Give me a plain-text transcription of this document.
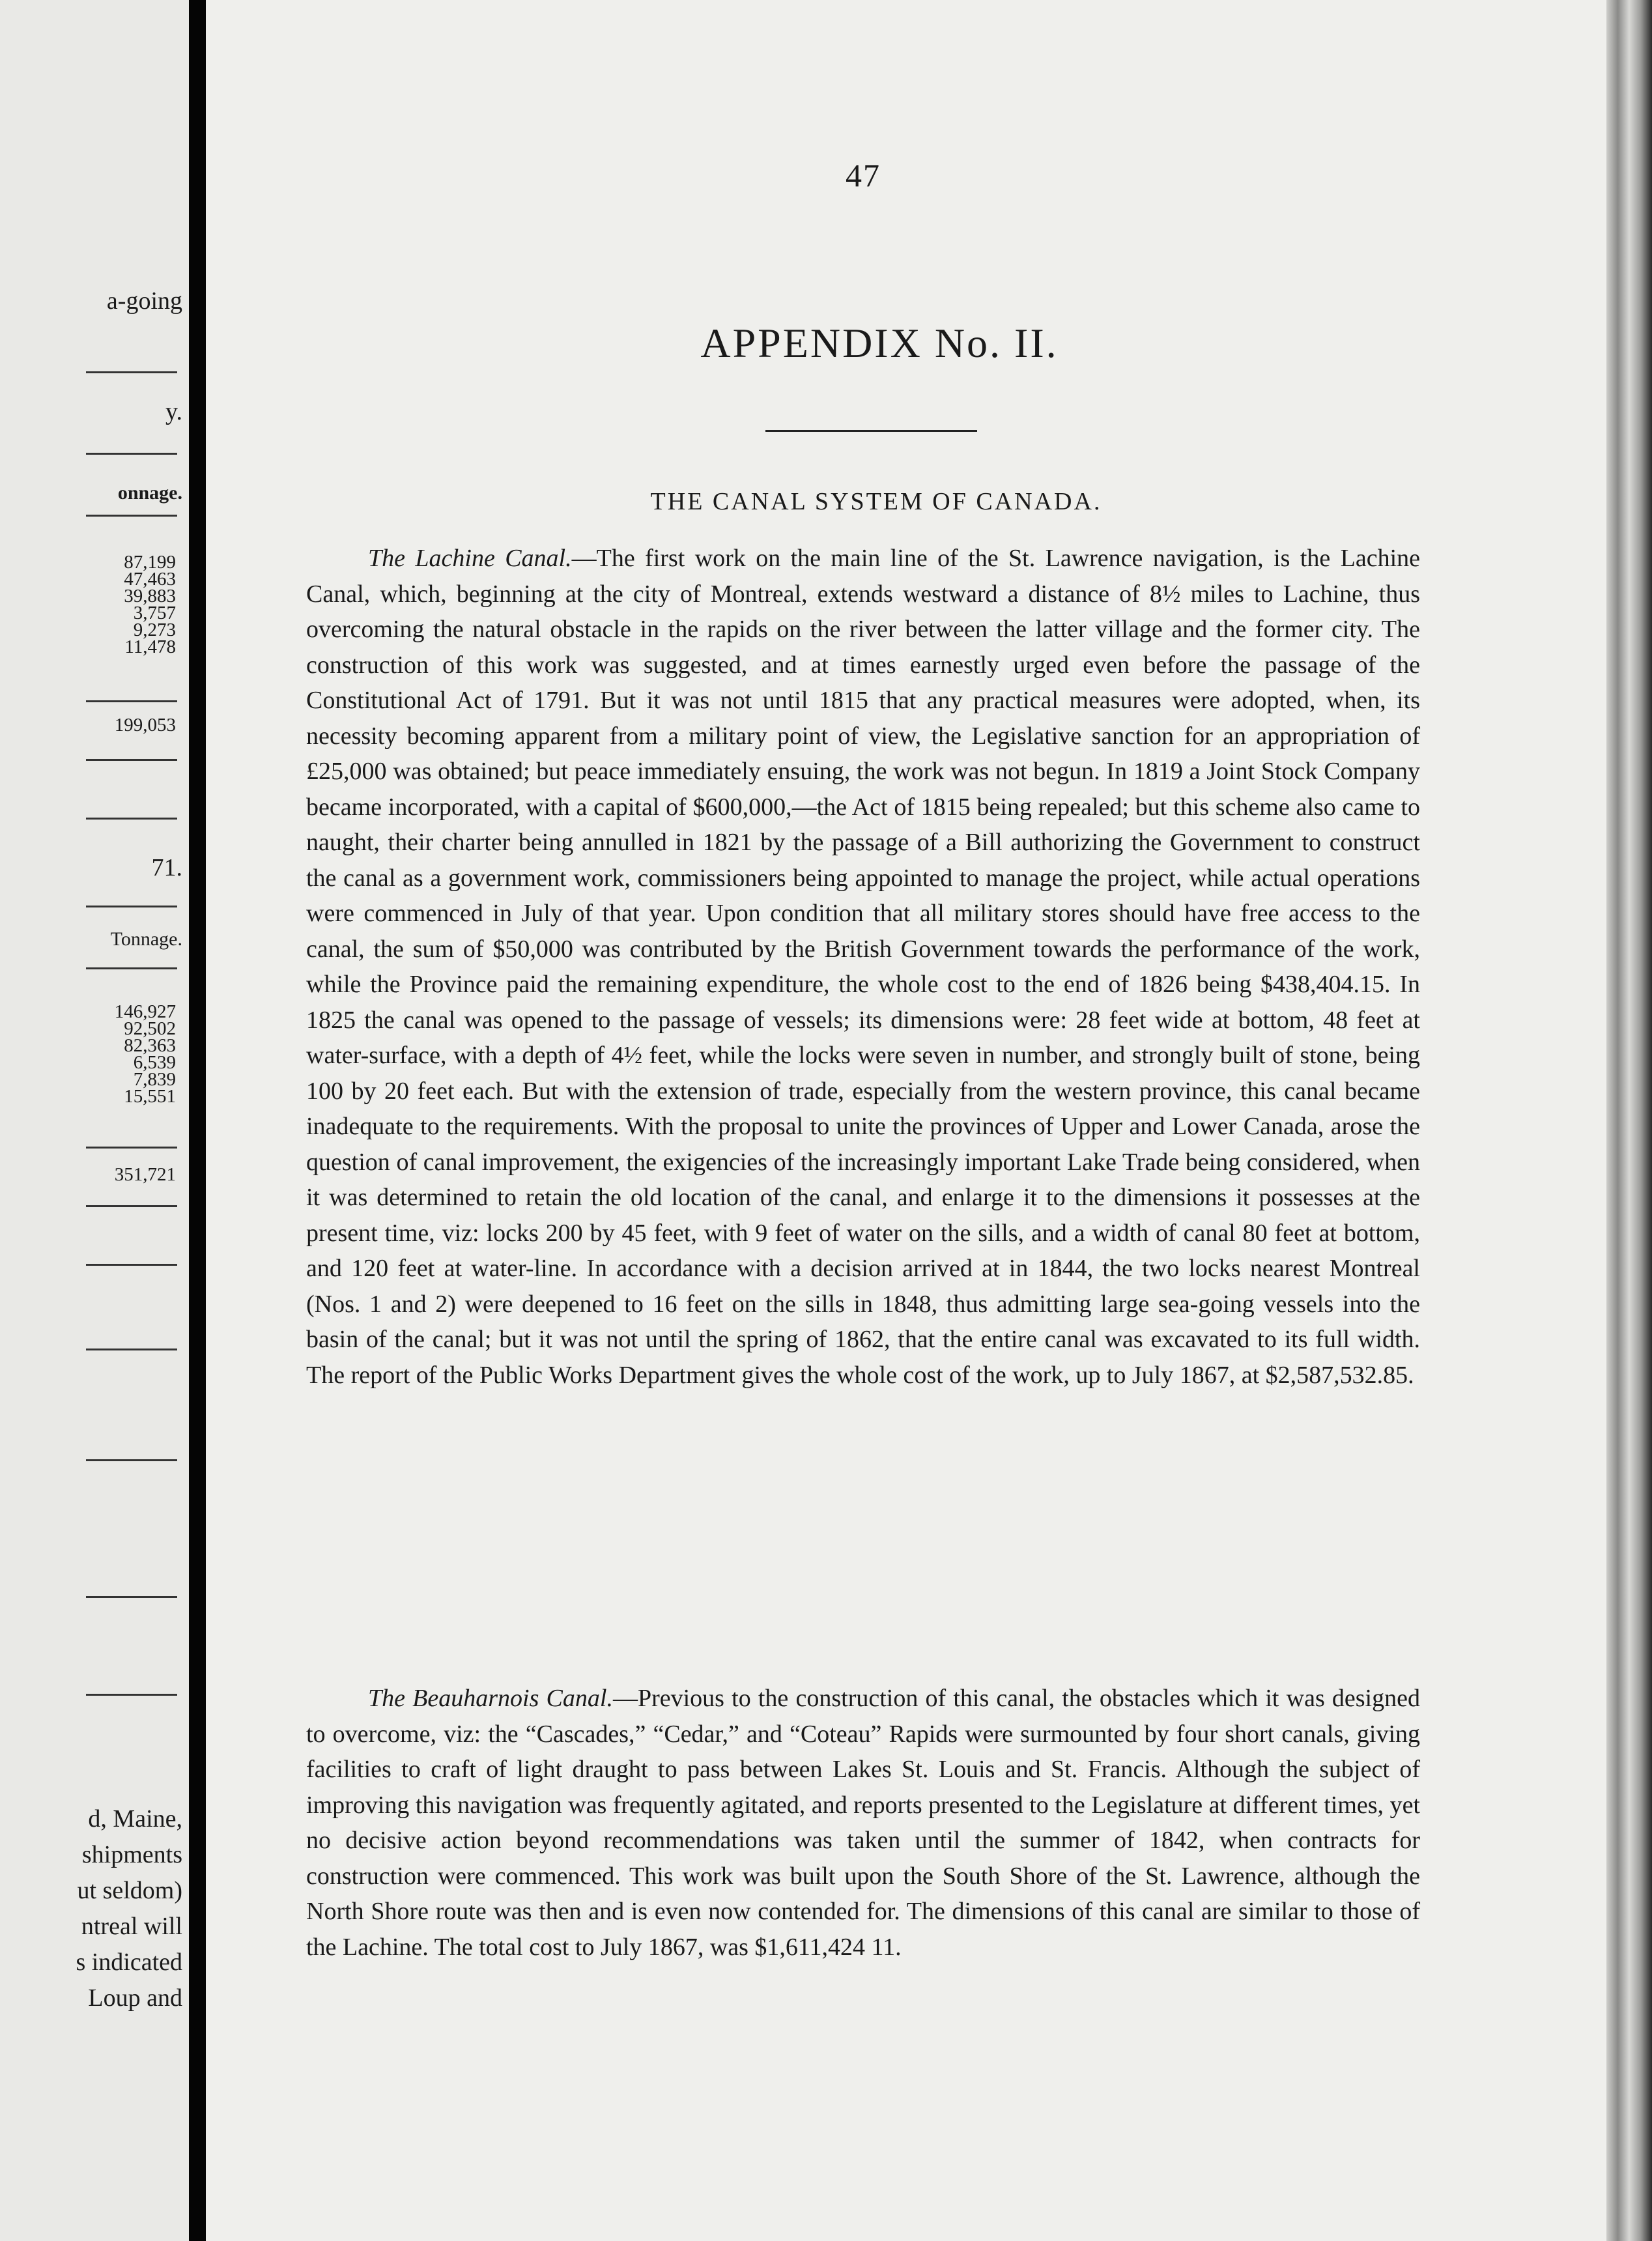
a-going
y.
onnage.
87,199
47,463
39,883
3,757
9,273
11,478
199,053
71.
Tonnage.
146,927
92,502
82,363
6,539
7,839
15,551
351,721
d, Maine,
shipments
ut seldom)
ntreal will
s indicated
Loup and
47
APPENDIX No. II.
THE CANAL SYSTEM OF CANADA.
The Lachine Canal.—The first work on the main line of the St. Lawrence navigation, is the Lachine Canal, which, beginning at the city of Montreal, extends westward a distance of 8½ miles to Lachine, thus overcoming the natural obstacle in the rapids on the river between the latter village and the former city. The construction of this work was suggested, and at times earnestly urged even before the passage of the Constitutional Act of 1791. But it was not until 1815 that any practical measures were adopted, when, its necessity becoming apparent from a military point of view, the Legislative sanction for an appropriation of £25,000 was obtained; but peace immediately ensuing, the work was not begun. In 1819 a Joint Stock Company became incorporated, with a capital of $600,000,—the Act of 1815 being repealed; but this scheme also came to naught, their charter being annulled in 1821 by the passage of a Bill authorizing the Government to construct the canal as a government work, commissioners being appointed to manage the project, while actual operations were commenced in July of that year. Upon condition that all military stores should have free access to the canal, the sum of $50,000 was contributed by the British Government towards the performance of the work, while the Province paid the remaining expenditure, the whole cost to the end of 1826 being $438,404.15. In 1825 the canal was opened to the passage of vessels; its dimensions were: 28 feet wide at bottom, 48 feet at water-surface, with a depth of 4½ feet, while the locks were seven in number, and strongly built of stone, being 100 by 20 feet each. But with the extension of trade, especially from the western province, this canal became inadequate to the requirements. With the proposal to unite the provinces of Upper and Lower Canada, arose the question of canal improvement, the exigencies of the increasingly important Lake Trade being considered, when it was determined to retain the old location of the canal, and enlarge it to the dimensions it possesses at the present time, viz: locks 200 by 45 feet, with 9 feet of water on the sills, and a width of canal 80 feet at bottom, and 120 feet at water-line. In accordance with a decision arrived at in 1844, the two locks nearest Montreal (Nos. 1 and 2) were deepened to 16 feet on the sills in 1848, thus admitting large sea-going vessels into the basin of the canal; but it was not until the spring of 1862, that the entire canal was excavated to its full width. The report of the Public Works Department gives the whole cost of the work, up to July 1867, at $2,587,532.85.
The Beauharnois Canal.—Previous to the construction of this canal, the obstacles which it was designed to overcome, viz: the “Cascades,” “Cedar,” and “Coteau” Rapids were surmounted by four short canals, giving facilities to craft of light draught to pass between Lakes St. Louis and St. Francis. Although the subject of improving this navigation was frequently agitated, and reports presented to the Legislature at different times, yet no decisive action beyond recommendations was taken until the summer of 1842, when contracts for construction were commenced. This work was built upon the South Shore of the St. Lawrence, although the North Shore route was then and is even now contended for. The dimensions of this canal are similar to those of the Lachine. The total cost to July 1867, was $1,611,424 11.
